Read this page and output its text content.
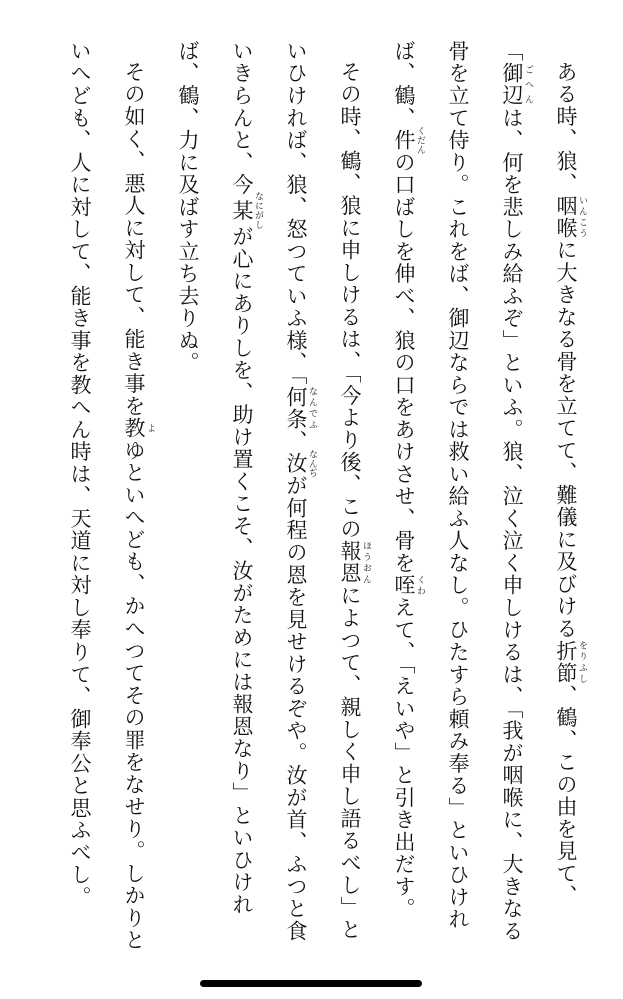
ある時、狼、咽喉 いんこうに大きなる骨を立てて、難儀に及びける折節 をりふし、鶴、この由を見て、「御辺 ごへんは、何を悲しみ給ふぞ」といふ。狼、泣く泣く申しけるは、「我が咽喉に、大きなる骨を立て侍り。これをば、御辺ならでは救い給ふ人なし。ひたすら頼み奉る」といひければ、鶴、件 くだんの口ばしを伸べ、狼の口をあけさせ、骨を咥 くわえて、「えいや」と引き出だす。

その時、鶴、狼に申しけるは、「今より後、この報恩 ほうおんによつて、親しく申し語るべし」といひければ、狼、怒つていふ様、「何条 なんでふ、汝 なんぢが何程の恩を見せけるぞや。汝が首、ふつと食いきらんと、今某 なにがしが心にありしを、助け置くこそ、汝がためには報恩なり」といひければ、鶴、力に及ばす立ち去りぬ。

その如く、悪人に対して、能き事を教 よゆといへども、かへつてその罪をなせり。しかりといへども、人に対して、能き事を教へん時は、天道に対し奉りて、御奉公と思ふべし。
